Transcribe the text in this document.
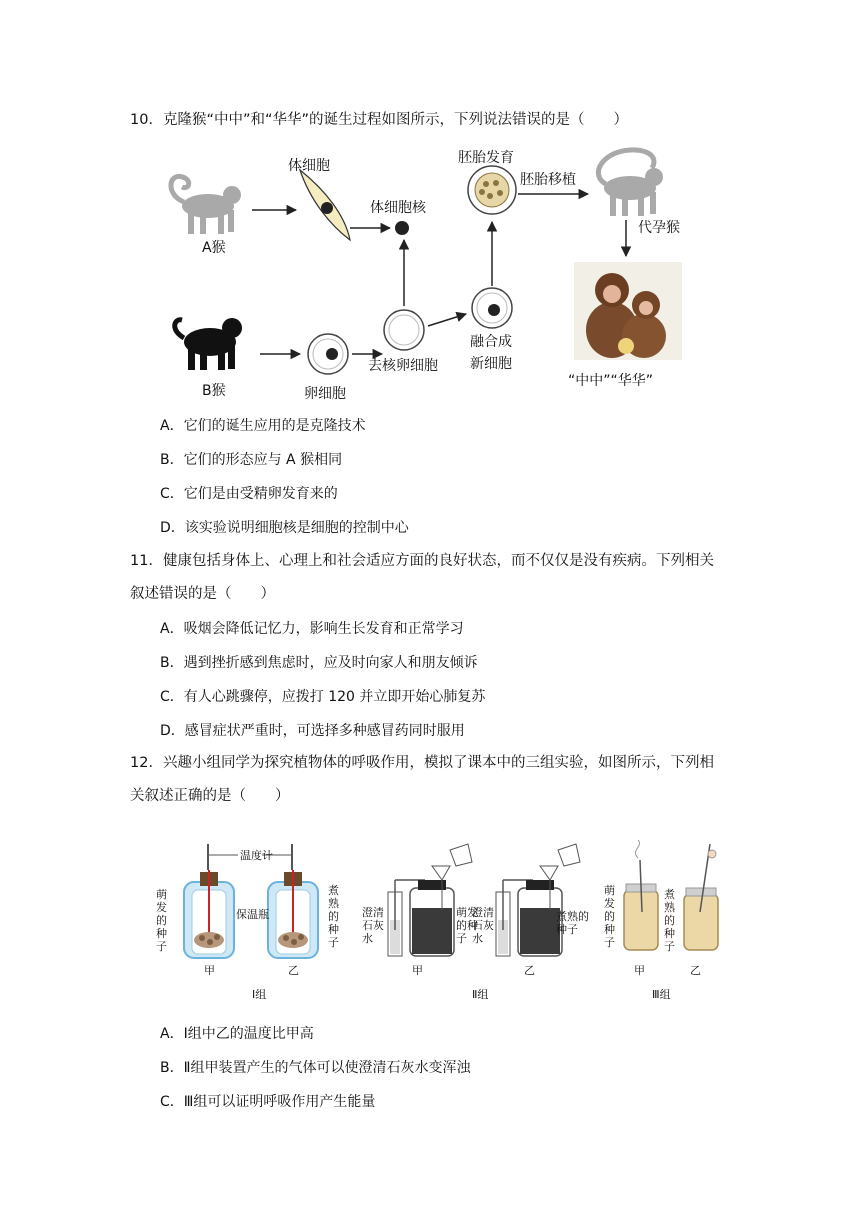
10．克隆猴“中中”和“华华”的诞生过程如图所示，下列说法错误的是（　　）
A猴
体细胞
体细胞核
B猴	卵细胞
去核卵细胞
融合成
新细胞
胚胎发育
胚胎移植
代孕猴
“中中”“华华”
A．它们的诞生应用的是克隆技术
B．它们的形态应与 A 猴相同
C．它们是由受精卵发育来的
D．该实验说明细胞核是细胞的控制中心
11．健康包括身体上、心理上和社会适应方面的良好状态，而不仅仅是没有疾病。下列相关
叙述错误的是（　　）
A．吸烟会降低记忆力，影响生长发育和正常学习
B．遇到挫折感到焦虑时，应及时向家人和朋友倾诉
C．有人心跳骤停，应拨打 120 并立即开始心肺复苏
D．感冒症状严重时，可选择多种感冒药同时服用
12．兴趣小组同学为探究植物体的呼吸作用，模拟了课本中的三组实验，如图所示，下列相
关叙述正确的是（　　）
温度计
保温瓶
萌发的种子
煮熟的种子
甲	乙
Ⅰ组
澄清石灰水
萌发的种子
澄清石灰水
煮熟的种子
甲	乙
Ⅱ组
萌发的种子
煮熟的种子
甲	乙
Ⅲ组
A．Ⅰ组中乙的温度比甲高
B．Ⅱ组甲装置产生的气体可以使澄清石灰水变浑浊
C．Ⅲ组可以证明呼吸作用产生能量
